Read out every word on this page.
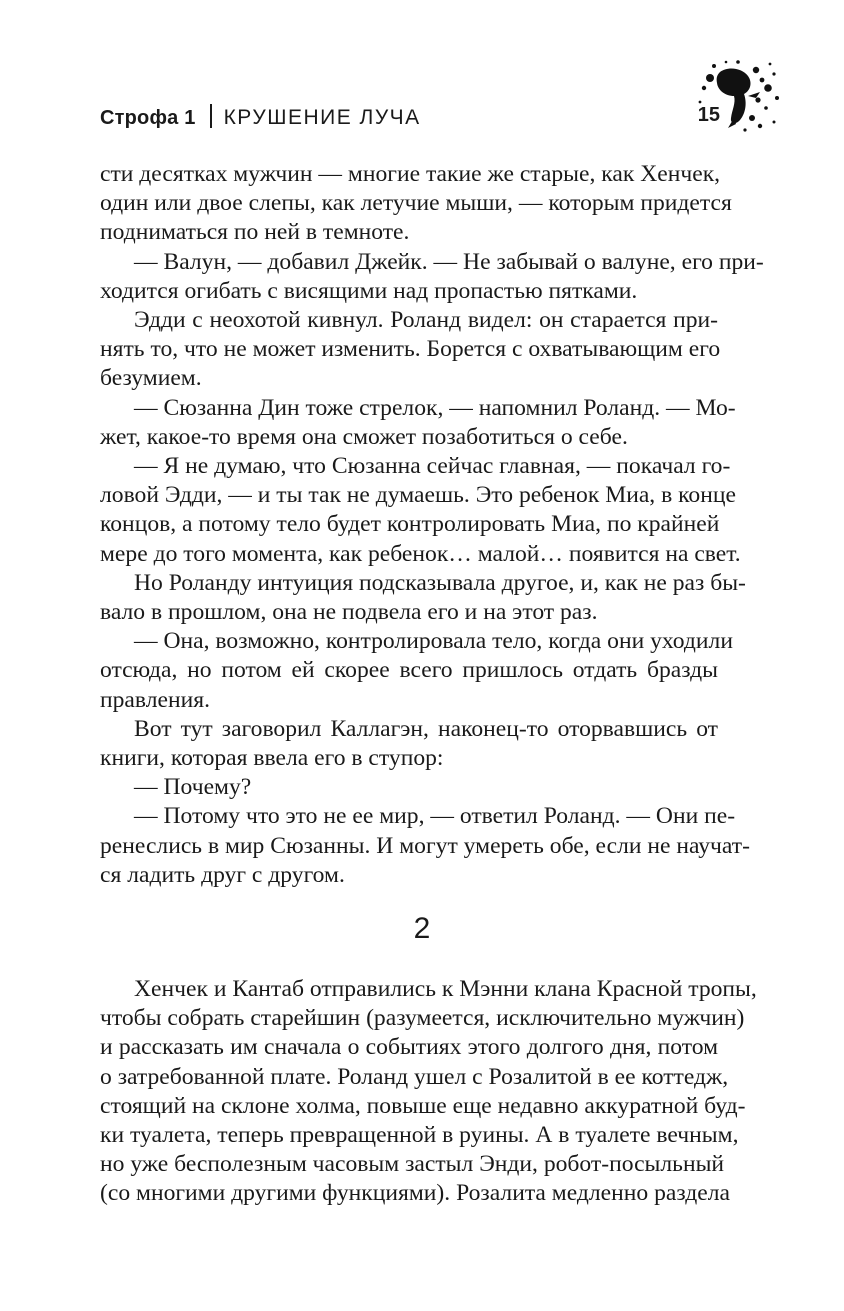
Строфа 1 КРУШЕНИЕ ЛУЧА	15
сти десятках мужчин — многие такие же старые, как Хенчек,
один или двое слепы, как летучие мыши, — которым придется
подниматься по ней в темноте.
— Валун, — добавил Джейк. — Не забывай о валуне, его при-
ходится огибать с висящими над пропастью пятками.
Эдди с неохотой кивнул. Роланд видел: он старается при-
нять то, что не может изменить. Борется с охватывающим его
безумием.
— Сюзанна Дин тоже стрелок, — напомнил Роланд. — Мо-
жет, какое-то время она сможет позаботиться о себе.
— Я не думаю, что Сюзанна сейчас главная, — покачал го-
ловой Эдди, — и ты так не думаешь. Это ребенок Миа, в конце
концов, а потому тело будет контролировать Миа, по крайней
мере до того момента, как ребенок… малой… появится на свет.
Но Роланду интуиция подсказывала другое, и, как не раз бы-
вало в прошлом, она не подвела его и на этот раз.
— Она, возможно, контролировала тело, когда они уходили
отсюда, но потом ей скорее всего пришлось отдать бразды
правления.
Вот тут заговорил Каллагэн, наконец-то оторвавшись от
книги, которая ввела его в ступор:
— Почему?
— Потому что это не ее мир, — ответил Роланд. — Они пе-
ренеслись в мир Сюзанны. И могут умереть обе, если не научат-
ся ладить друг с другом.
2
Хенчек и Кантаб отправились к Мэнни клана Красной тропы,
чтобы собрать старейшин (разумеется, исключительно мужчин)
и рассказать им сначала о событиях этого долгого дня, потом
о затребованной плате. Роланд ушел с Розалитой в ее коттедж,
стоящий на склоне холма, повыше еще недавно аккуратной буд-
ки туалета, теперь превращенной в руины. А в туалете вечным,
но уже бесполезным часовым застыл Энди, робот-посыльный
(со многими другими функциями). Розалита медленно раздела
